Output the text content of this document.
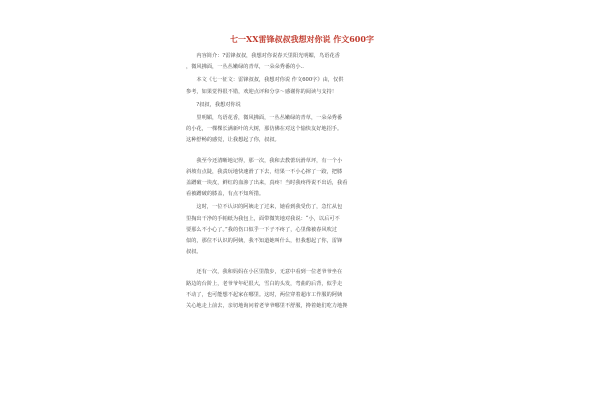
七一XX雷锋叔叔我想对你说 作文600字
内容简介：?雷锋叔叔，我想对你说春天里阳光明媚，鸟语花香
，微风拂面，一丛丛嫩绿的青草，一朵朵秀番的小..
本文《七一征文：雷锋叔叔，我想对你说 作文600字》由，仅供
参考，如果觉得很不错，欢迎点评和分享～感谢你的阅读与支持！
?叔叔，我想对你说
里明媚，鸟语花香，微风拂面，一丛丛嫩绿的青草，一朵朵秀番
的小花，一棵棵长满新叶的大树，那仿佛在对这个愉快友好地招手。
这种舒畅的感觉，让我想起了你，叔叔。
我至今还清晰地记得，那一次，我和去教蕾玩滑草坪，有一个小
斜坡有点陡，我责玩地快速滑了下去，结果一不小心摔了一跤，把膝
盖蹭破一块皮，鲜红的血渗了出来，真疼！当时我疼得说不出话，我看
看被蹭破的膝盖，有点不知所措。
这时，一位不认识的阿姨走了过来，她看到我受伤了，急忙从包
里掏出干净的手帕纸为我包上，面带微笑地对我说：“小，以后可不
要那么不小心了。”我的伤口似乎一下子不疼了，心里像被春风吹过
似的，那位不认识的阿姨，我不知道她叫什么，但我想起了你，雷锋
叔叔。
还有一次，我和妈妈在小区里散步，无意中看到一位老爷爷坐在
路边的台阶上，老爷爷年纪很大，雪白的头发，弯曲的后背，似乎走
不动了，也可能想不起家在哪里。这时，两位穿着超市工作服的阿姨
关心地走上前去，亲切地询问着老爷爷哪里不舒服，搀着她们吃力地搀
